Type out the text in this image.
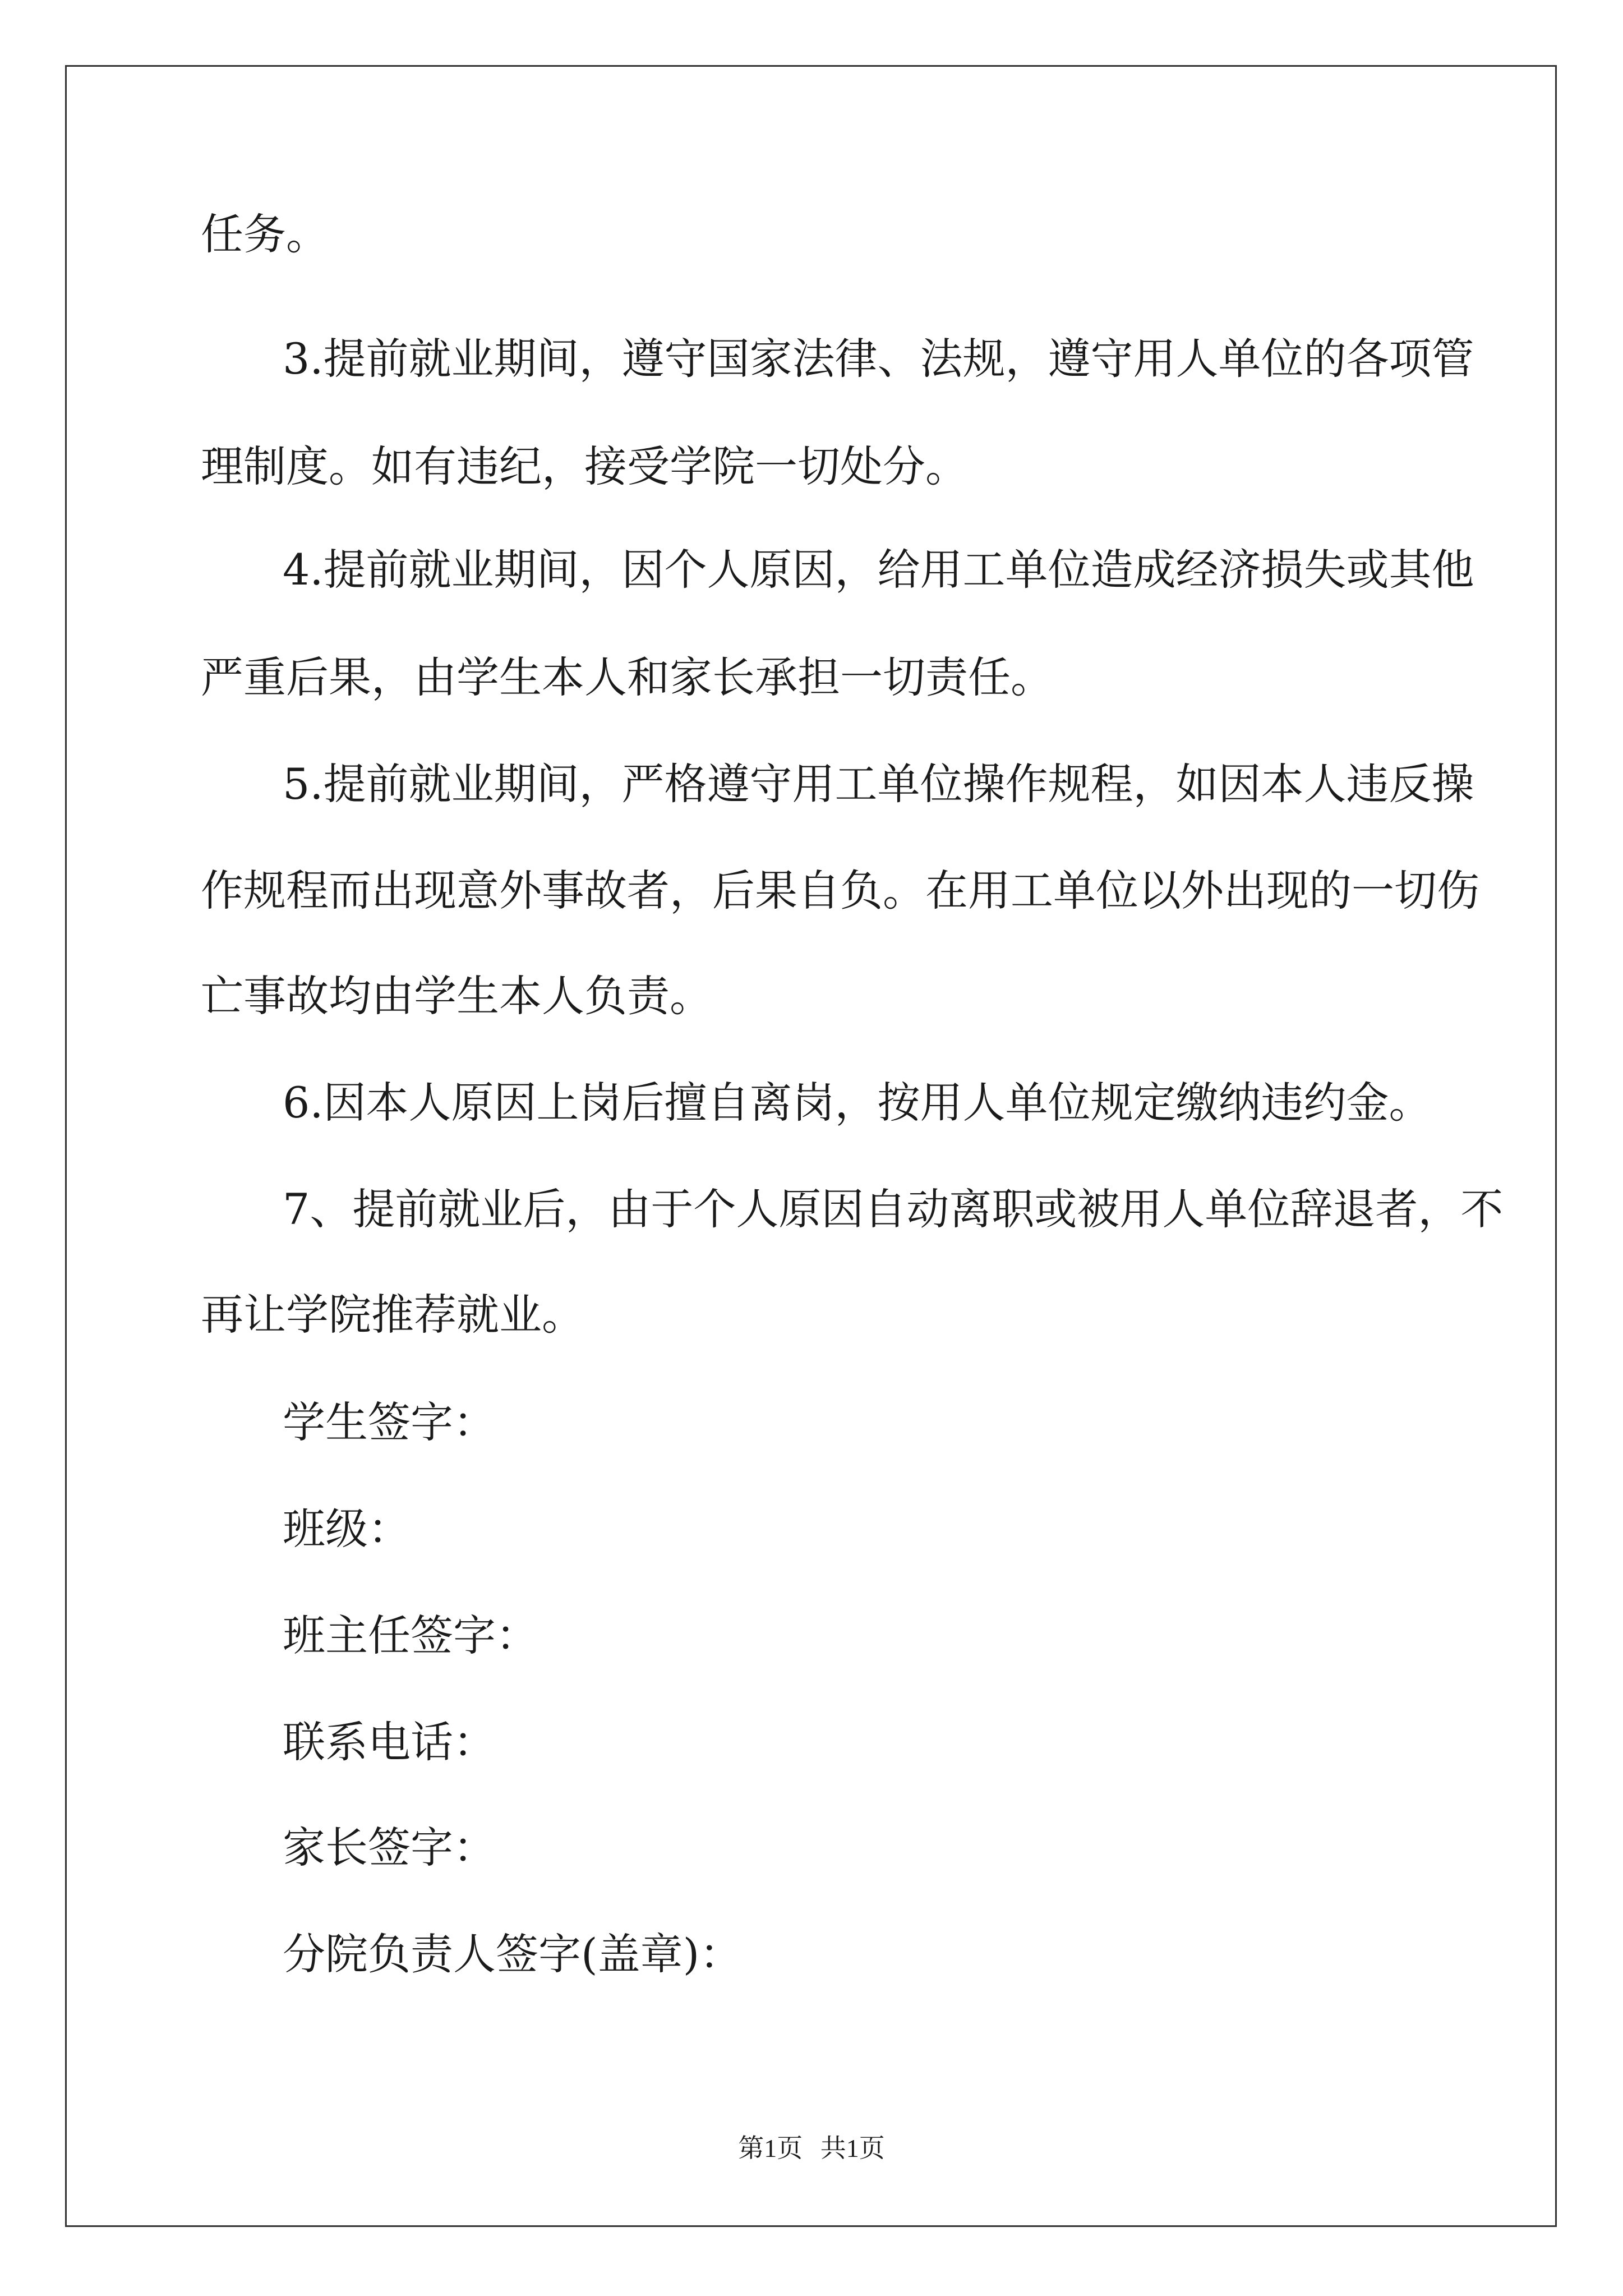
任务。
3.提前就业期间，遵守国家法律、法规，遵守用人单位的各项管
理制度。如有违纪，接受学院一切处分。
4.提前就业期间，因个人原因，给用工单位造成经济损失或其他
严重后果，由学生本人和家长承担一切责任。
5.提前就业期间，严格遵守用工单位操作规程，如因本人违反操
作规程而出现意外事故者，后果自负。在用工单位以外出现的一切伤
亡事故均由学生本人负责。
6.因本人原因上岗后擅自离岗，按用人单位规定缴纳违约金。
7、提前就业后，由于个人原因自动离职或被用人单位辞退者，不
再让学院推荐就业。
学生签字：
班级：
班主任签字：
联系电话：
家长签字：
分院负责人签字(盖章)：
第1页 共1页
